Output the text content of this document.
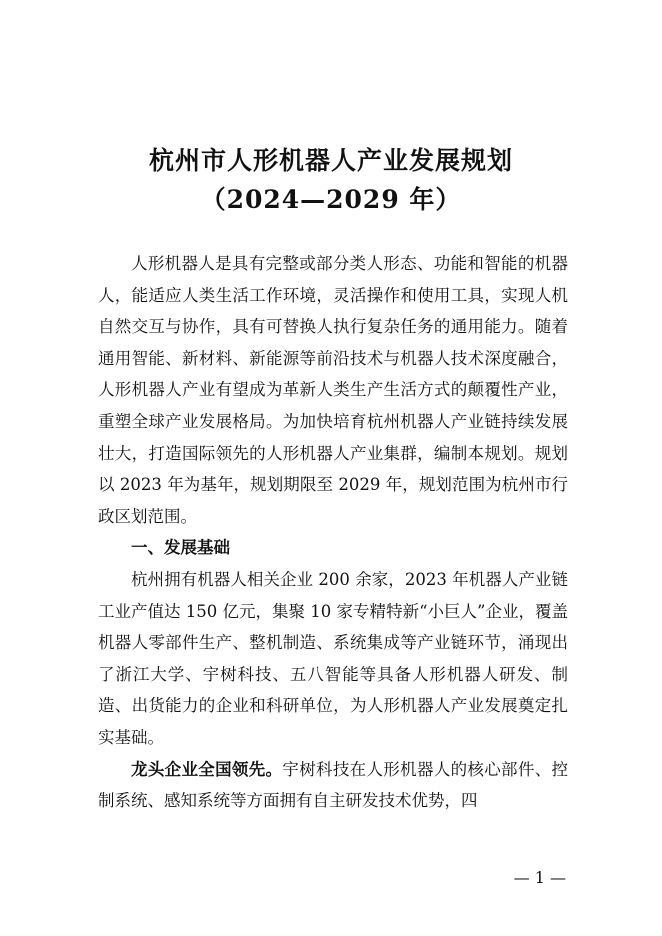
杭州市人形机器人产业发展规划
（2024—2029 年）

人形机器人是具有完整或部分类人形态、功能和智能的机器人，能适应人类生活工作环境，灵活操作和使用工具，实现人机自然交互与协作，具有可替换人执行复杂任务的通用能力。随着通用智能、新材料、新能源等前沿技术与机器人技术深度融合，人形机器人产业有望成为革新人类生产生活方式的颠覆性产业，重塑全球产业发展格局。为加快培育杭州机器人产业链持续发展壮大，打造国际领先的人形机器人产业集群，编制本规划。规划以 2023 年为基年，规划期限至 2029 年，规划范围为杭州市行政区划范围。

一、发展基础

杭州拥有机器人相关企业 200 余家，2023 年机器人产业链工业产值达 150 亿元，集聚 10 家专精特新“小巨人”企业，覆盖机器人零部件生产、整机制造、系统集成等产业链环节，涌现出了浙江大学、宇树科技、五八智能等具备人形机器人研发、制造、出货能力的企业和科研单位，为人形机器人产业发展奠定扎实基础。

龙头企业全国领先。宇树科技在人形机器人的核心部件、控制系统、感知系统等方面拥有自主研发技术优势，四

— 1 —
